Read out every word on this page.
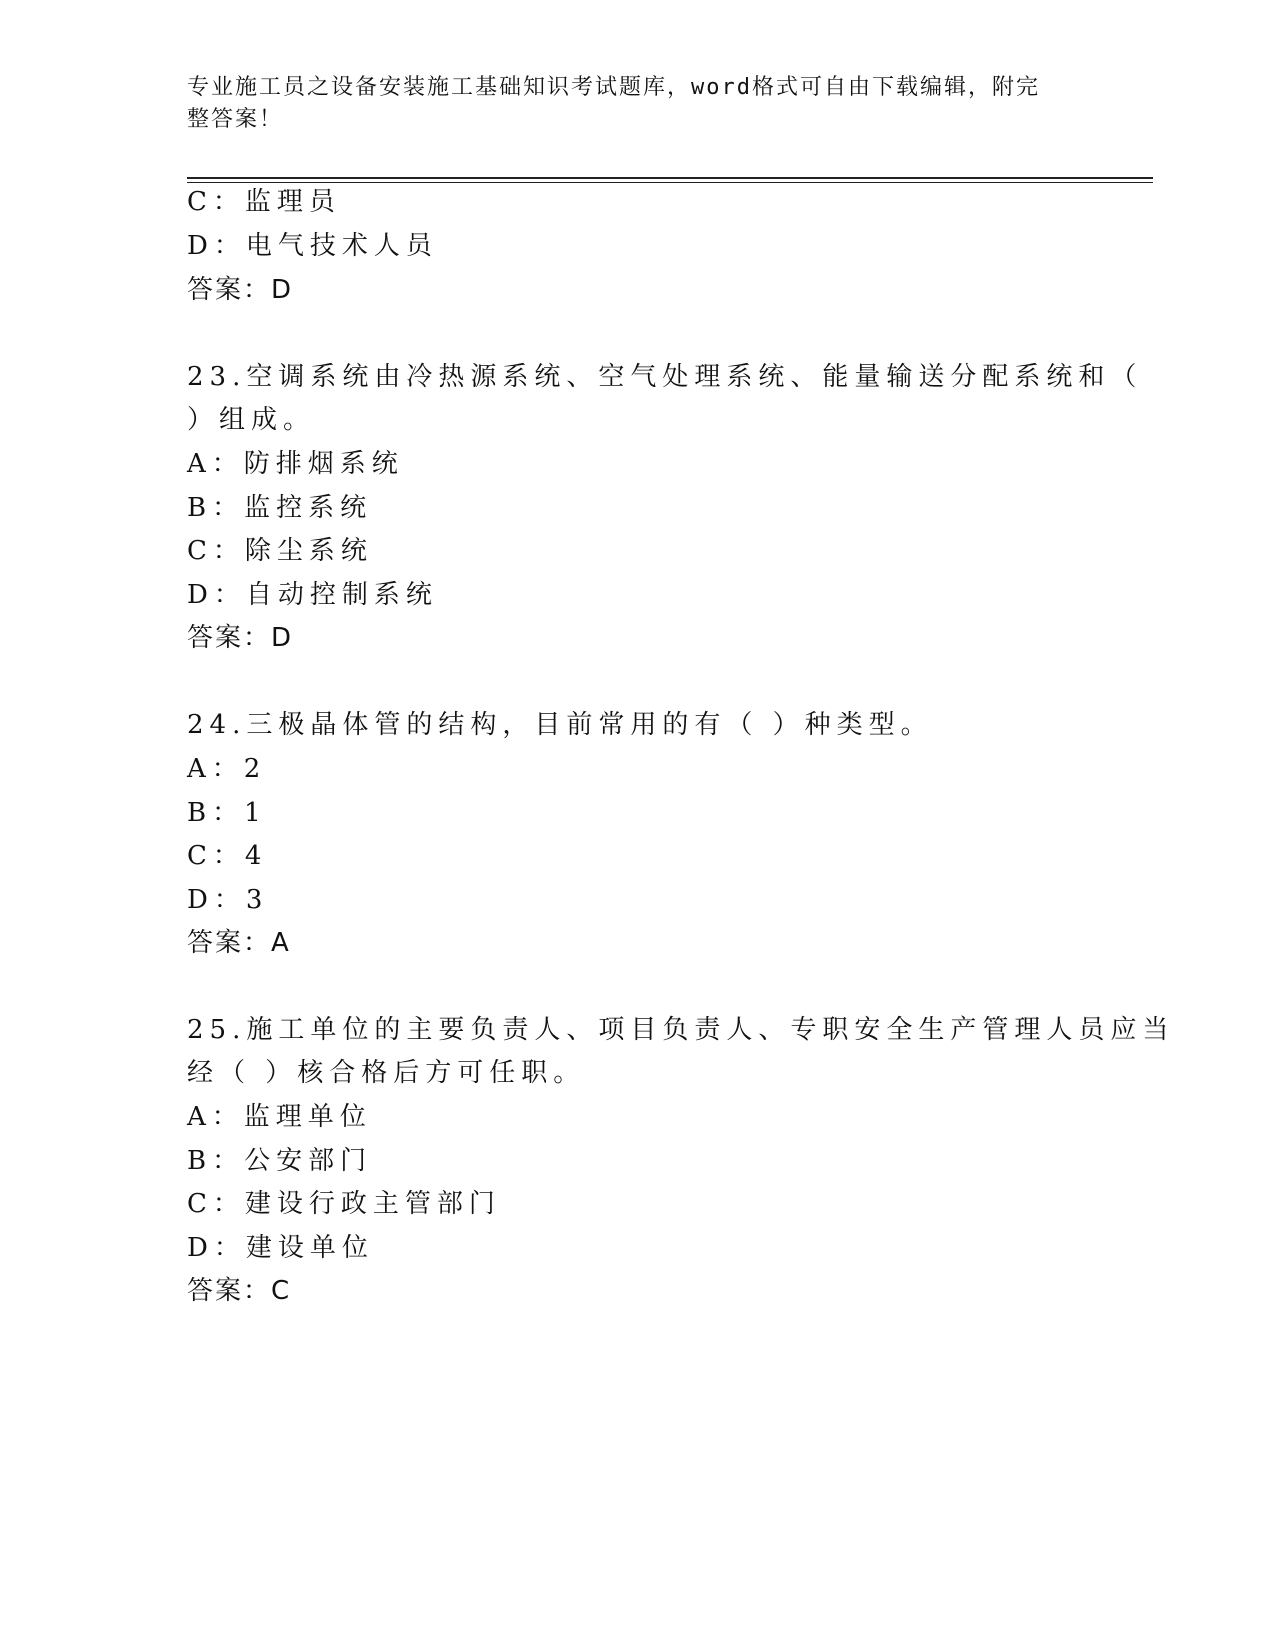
专业施工员之设备安装施工基础知识考试题库，word格式可自由下载编辑，附完
整答案！
C：监理员
D：电气技术人员
答案：D
23.空调系统由冷热源系统、空气处理系统、能量输送分配系统和（
）组成。
A：防排烟系统
B：监控系统
C：除尘系统
D：自动控制系统
答案：D
24.三极晶体管的结构，目前常用的有（ ）种类型。
A：2
B：1
C：4
D：3
答案：A
25.施工单位的主要负责人、项目负责人、专职安全生产管理人员应当
经（ ）核合格后方可任职。
A：监理单位
B：公安部门
C：建设行政主管部门
D：建设单位
答案：C
